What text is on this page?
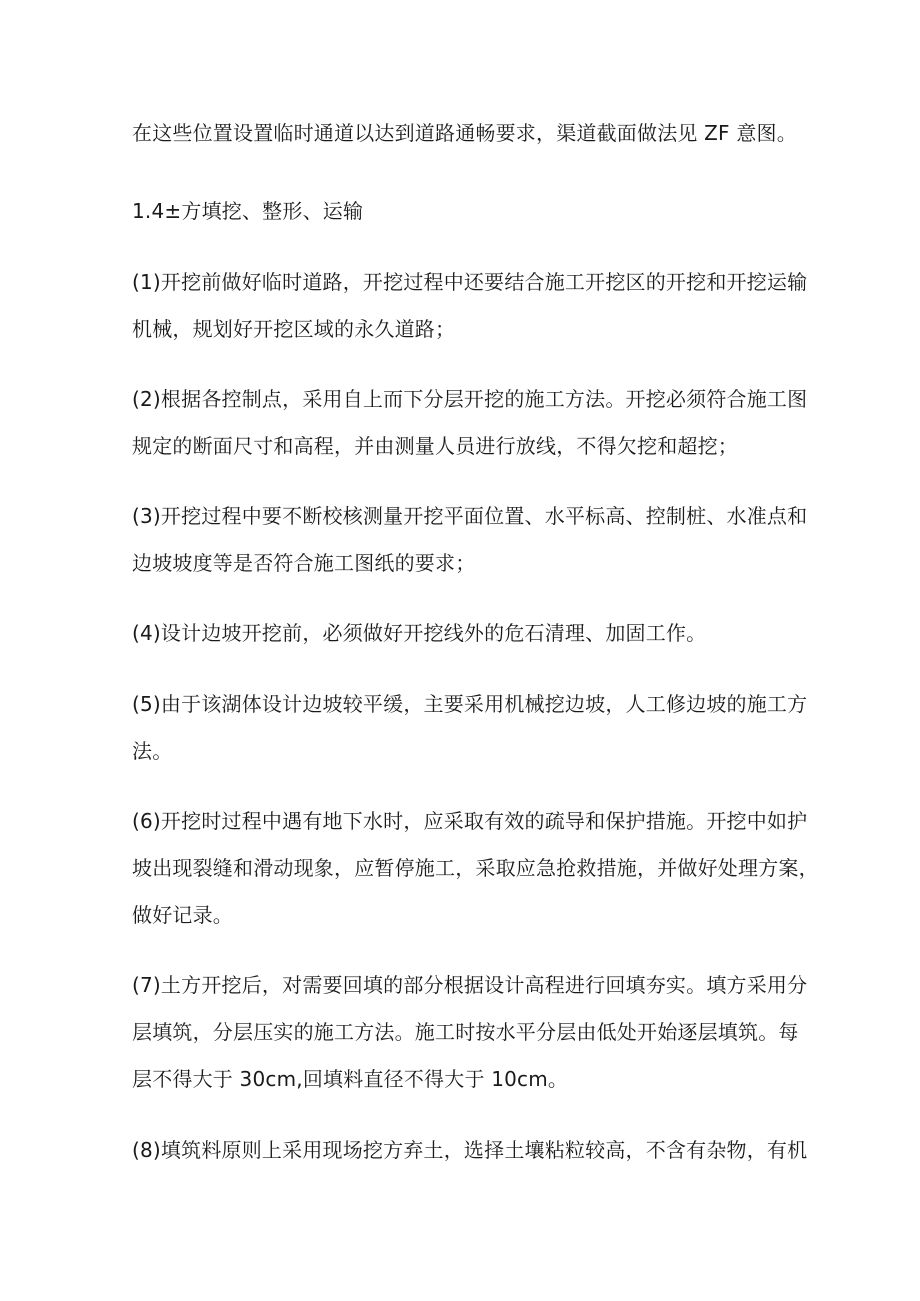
在这些位置设置临时通道以达到道路通畅要求，渠道截面做法见 ZF 意图。
1.4±方填挖、整形、运输
(1)开挖前做好临时道路，开挖过程中还要结合施工开挖区的开挖和开挖运输
机械，规划好开挖区域的永久道路；
(2)根据各控制点，采用自上而下分层开挖的施工方法。开挖必须符合施工图
规定的断面尺寸和高程，并由测量人员进行放线，不得欠挖和超挖；
(3)开挖过程中要不断校核测量开挖平面位置、水平标高、控制桩、水准点和
边坡坡度等是否符合施工图纸的要求；
(4)设计边坡开挖前，必须做好开挖线外的危石清理、加固工作。
(5)由于该湖体设计边坡较平缓，主要采用机械挖边坡，人工修边坡的施工方
法。
(6)开挖时过程中遇有地下水时，应采取有效的疏导和保护措施。开挖中如护
坡出现裂缝和滑动现象，应暂停施工，采取应急抢救措施，并做好处理方案，
做好记录。
(7)土方开挖后，对需要回填的部分根据设计高程进行回填夯实。填方采用分
层填筑，分层压实的施工方法。施工时按水平分层由低处开始逐层填筑。每
层不得大于 30cm,回填料直径不得大于 10cm。
(8)填筑料原则上采用现场挖方弃土，选择土壤粘粒较高，不含有杂物，有机
